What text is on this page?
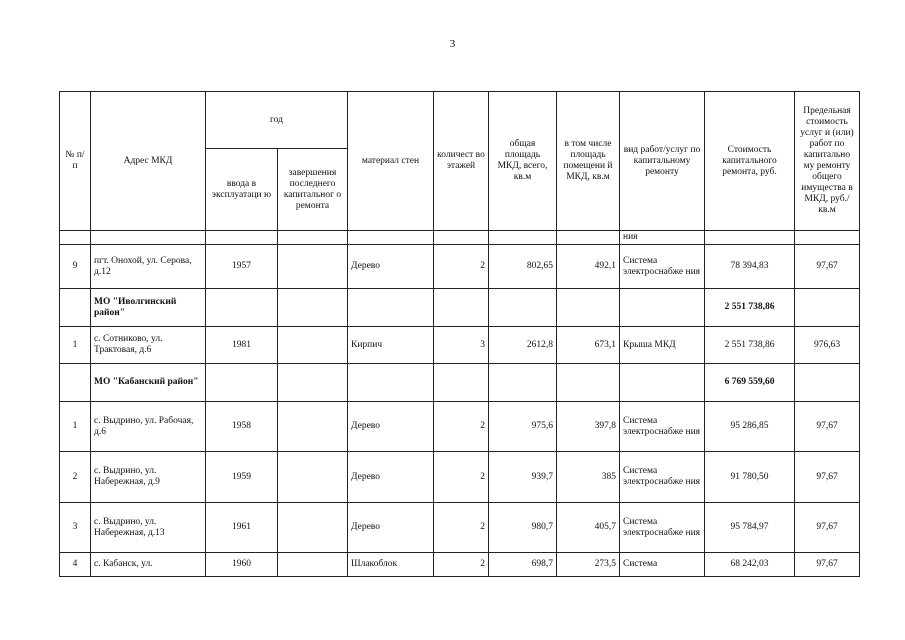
3
№ п/п	Адрес МКД	год		материал стен	количест во этажей	общая площадь МКД, всего, кв.м	в том числе площадь помещени й МКД, кв.м	вид работ/услуг по капитальному ремонту	Стоимость капитального ремонта, руб.	Предельная стоимость услуг и (или) работ по капитально му ремонту общего имущества в МКД, руб./кв.м
		ввода в эксплуатаци ю	завершения последнего капитальног о ремонта							
								ния		
9	пгт. Онохой, ул. Серова, д.12	1957		Дерево	2	802,65	492,1	Система электроснабже ния	78 394,83	97,67
	МО "Иволгинский район"								2 551 738,86	
1	с. Сотниково, ул. Трактовая, д.6	1981		Кирпич	3	2612,8	673,1	Крыша МКД	2 551 738,86	976,63
	МО "Кабанский район"								6 769 559,60	
1	с. Выдрино, ул. Рабочая, д.6	1958		Дерево	2	975,6	397,8	Система электроснабже ния	95 286,85	97,67
2	с. Выдрино, ул. Набережная, д.9	1959		Дерево	2	939,7	385	Система электроснабже ния	91 780,50	97,67
3	с. Выдрино, ул. Набережная, д.13	1961		Дерево	2	980,7	405,7	Система электроснабже ния	95 784,97	97,67
4	с. Кабанск, ул.	1960		Шлакоблок	2	698,7	273,5	Система	68 242,03	97,67
